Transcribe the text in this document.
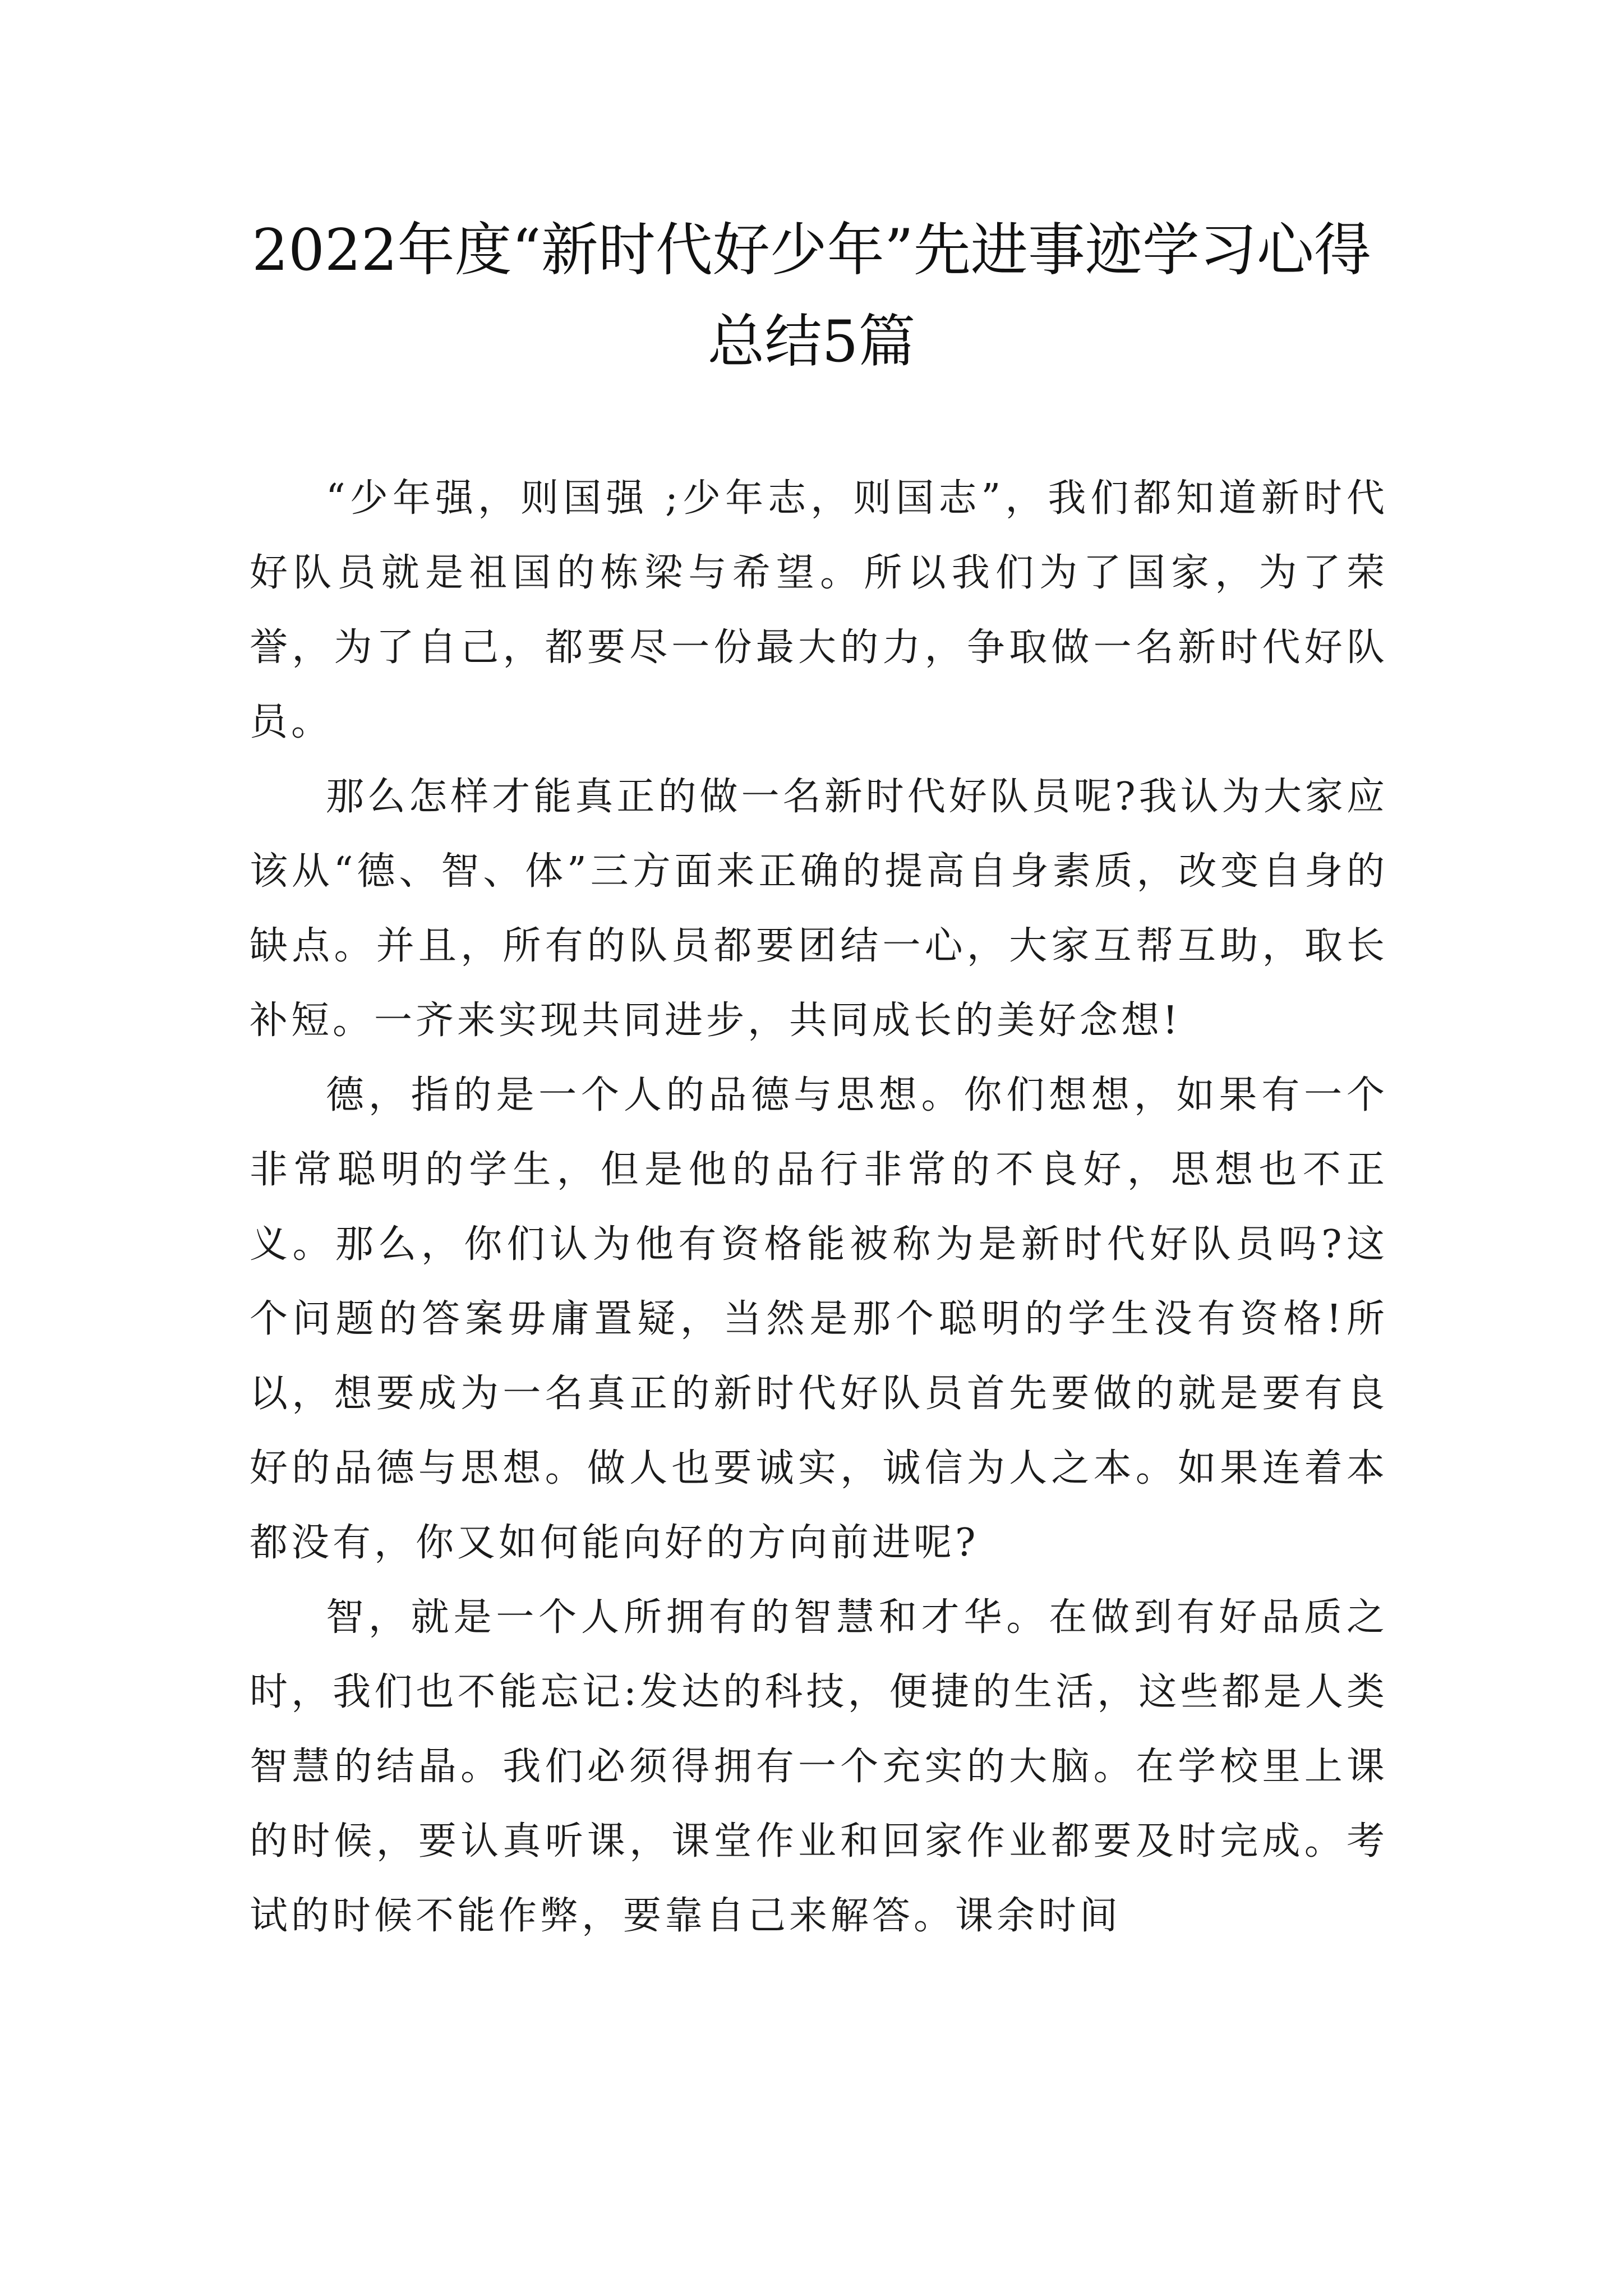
2022年度“新时代好少年”先进事迹学习心得总结5篇

“少年强，则国强 ;少年志，则国志”，我们都知道新时代好队员就是祖国的栋梁与希望。所以我们为了国家，为了荣誉，为了自己，都要尽一份最大的力，争取做一名新时代好队员。

那么怎样才能真正的做一名新时代好队员呢?我认为大家应该从“德、智、体”三方面来正确的提高自身素质，改变自身的缺点。并且，所有的队员都要团结一心，大家互帮互助，取长补短。一齐来实现共同进步，共同成长的美好念想!

德，指的是一个人的品德与思想。你们想想，如果有一个非常聪明的学生，但是他的品行非常的不良好，思想也不正义。那么，你们认为他有资格能被称为是新时代好队员吗?这个问题的答案毋庸置疑，当然是那个聪明的学生没有资格!所以，想要成为一名真正的新时代好队员首先要做的就是要有良好的品德与思想。做人也要诚实，诚信为人之本。如果连着本都没有，你又如何能向好的方向前进呢?

智，就是一个人所拥有的智慧和才华。在做到有好品质之时，我们也不能忘记:发达的科技，便捷的生活，这些都是人类智慧的结晶。我们必须得拥有一个充实的大脑。在学校里上课的时候，要认真听课，课堂作业和回家作业都要及时完成。考试的时候不能作弊，要靠自己来解答。课余时间
